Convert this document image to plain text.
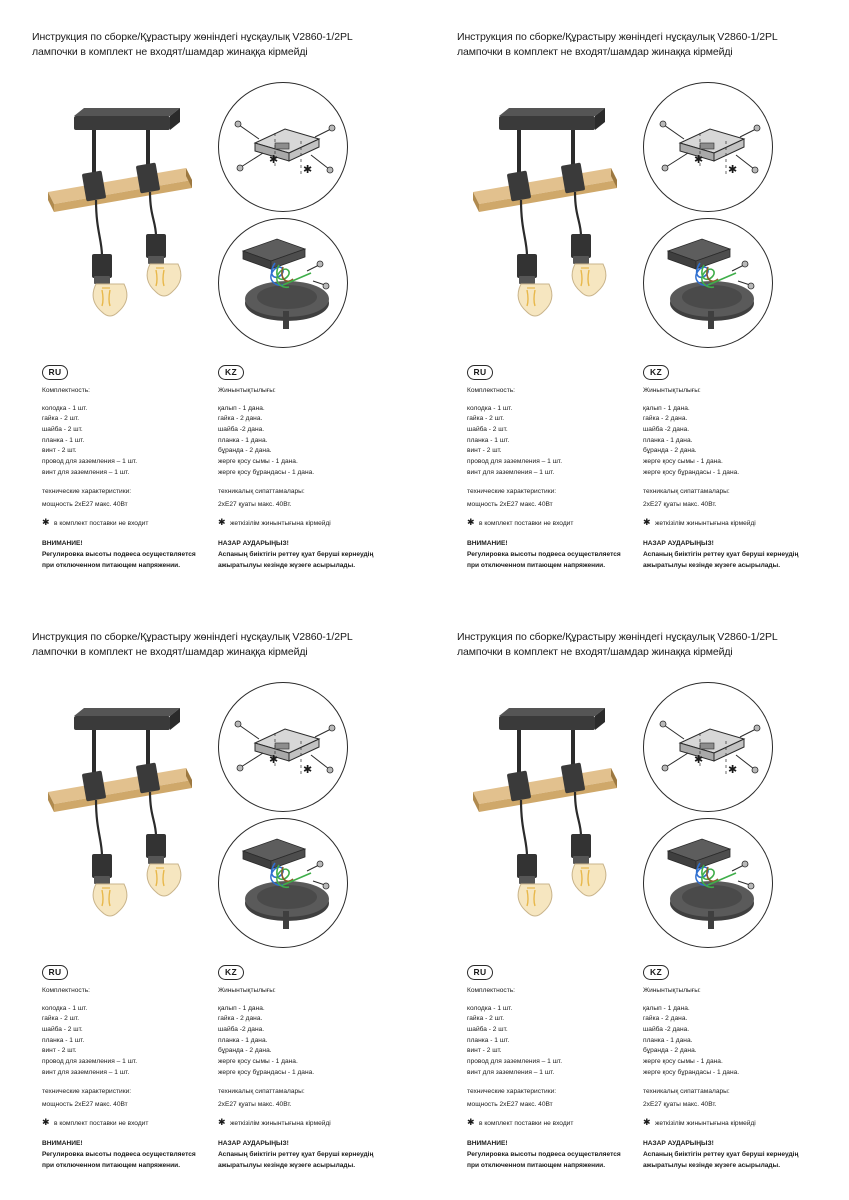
Инструкция по сборке/Құрастыру жөніндегі нұсқаулық V2860-1/2PL
лампочки в комплект не входят/шамдар жинаққа кірмейді
✱
✱
RU	KZ
Комплектность:
колодка - 1 шт.
гайка - 2 шт.
шайба - 2 шт.
планка - 1 шт.
винт - 2 шт.
провод для заземления – 1 шт.
винт для заземления – 1 шт.
технические характеристики:
мощность 2хЕ27 макс. 40Вт
✱ в комплект поставки не входит
ВНИМАНИЕ!
Регулировка высоты подвеса осуществляется
при отключенном питающем напряжении.
Жинынтықтылығы:
қалып - 1 дана.
гайка - 2 дана.
шайба -2 дана.
планка - 1 дана.
бұранда - 2 дана.
жерге қосу сымы - 1 дана.
жерге қосу бұрандасы - 1 дана.
техникалық сипаттамалары:
2хЕ27 қуаты макс. 40Вт.
✱ жеткізілім жинынтығына кірмейді
НАЗАР АУДАРЫҢЫЗ!
Аспаның биіктігін реттеу қуат беруші кернеудің
ажыратылуы кезінде жүзеге асырылады.
Инструкция по сборке/Құрастыру жөніндегі нұсқаулық V2860-1/2PL
лампочки в комплект не входят/шамдар жинаққа кірмейді
✱
✱
RU	KZ
Комплектность:
колодка - 1 шт.
гайка - 2 шт.
шайба - 2 шт.
планка - 1 шт.
винт - 2 шт.
провод для заземления – 1 шт.
винт для заземления – 1 шт.
технические характеристики:
мощность 2хЕ27 макс. 40Вт
✱ в комплект поставки не входит
ВНИМАНИЕ!
Регулировка высоты подвеса осуществляется
при отключенном питающем напряжении.
Жинынтықтылығы:
қалып - 1 дана.
гайка - 2 дана.
шайба -2 дана.
планка - 1 дана.
бұранда - 2 дана.
жерге қосу сымы - 1 дана.
жерге қосу бұрандасы - 1 дана.
техникалық сипаттамалары:
2хЕ27 қуаты макс. 40Вт.
✱ жеткізілім жинынтығына кірмейді
НАЗАР АУДАРЫҢЫЗ!
Аспаның биіктігін реттеу қуат беруші кернеудің
ажыратылуы кезінде жүзеге асырылады.
Инструкция по сборке/Құрастыру жөніндегі нұсқаулық V2860-1/2PL
лампочки в комплект не входят/шамдар жинаққа кірмейді
✱
✱
RU	KZ
Комплектность:
колодка - 1 шт.
гайка - 2 шт.
шайба - 2 шт.
планка - 1 шт.
винт - 2 шт.
провод для заземления – 1 шт.
винт для заземления – 1 шт.
технические характеристики:
мощность 2хЕ27 макс. 40Вт
✱ в комплект поставки не входит
ВНИМАНИЕ!
Регулировка высоты подвеса осуществляется
при отключенном питающем напряжении.
Жинынтықтылығы:
қалып - 1 дана.
гайка - 2 дана.
шайба -2 дана.
планка - 1 дана.
бұранда - 2 дана.
жерге қосу сымы - 1 дана.
жерге қосу бұрандасы - 1 дана.
техникалық сипаттамалары:
2хЕ27 қуаты макс. 40Вт.
✱ жеткізілім жинынтығына кірмейді
НАЗАР АУДАРЫҢЫЗ!
Аспаның биіктігін реттеу қуат беруші кернеудің
ажыратылуы кезінде жүзеге асырылады.
Инструкция по сборке/Құрастыру жөніндегі нұсқаулық V2860-1/2PL
лампочки в комплект не входят/шамдар жинаққа кірмейді
✱
✱
RU	KZ
Комплектность:
колодка - 1 шт.
гайка - 2 шт.
шайба - 2 шт.
планка - 1 шт.
винт - 2 шт.
провод для заземления – 1 шт.
винт для заземления – 1 шт.
технические характеристики:
мощность 2хЕ27 макс. 40Вт
✱ в комплект поставки не входит
ВНИМАНИЕ!
Регулировка высоты подвеса осуществляется
при отключенном питающем напряжении.
Жинынтықтылығы:
қалып - 1 дана.
гайка - 2 дана.
шайба -2 дана.
планка - 1 дана.
бұранда - 2 дана.
жерге қосу сымы - 1 дана.
жерге қосу бұрандасы - 1 дана.
техникалық сипаттамалары:
2хЕ27 қуаты макс. 40Вт.
✱ жеткізілім жинынтығына кірмейді
НАЗАР АУДАРЫҢЫЗ!
Аспаның биіктігін реттеу қуат беруші кернеудің
ажыратылуы кезінде жүзеге асырылады.
